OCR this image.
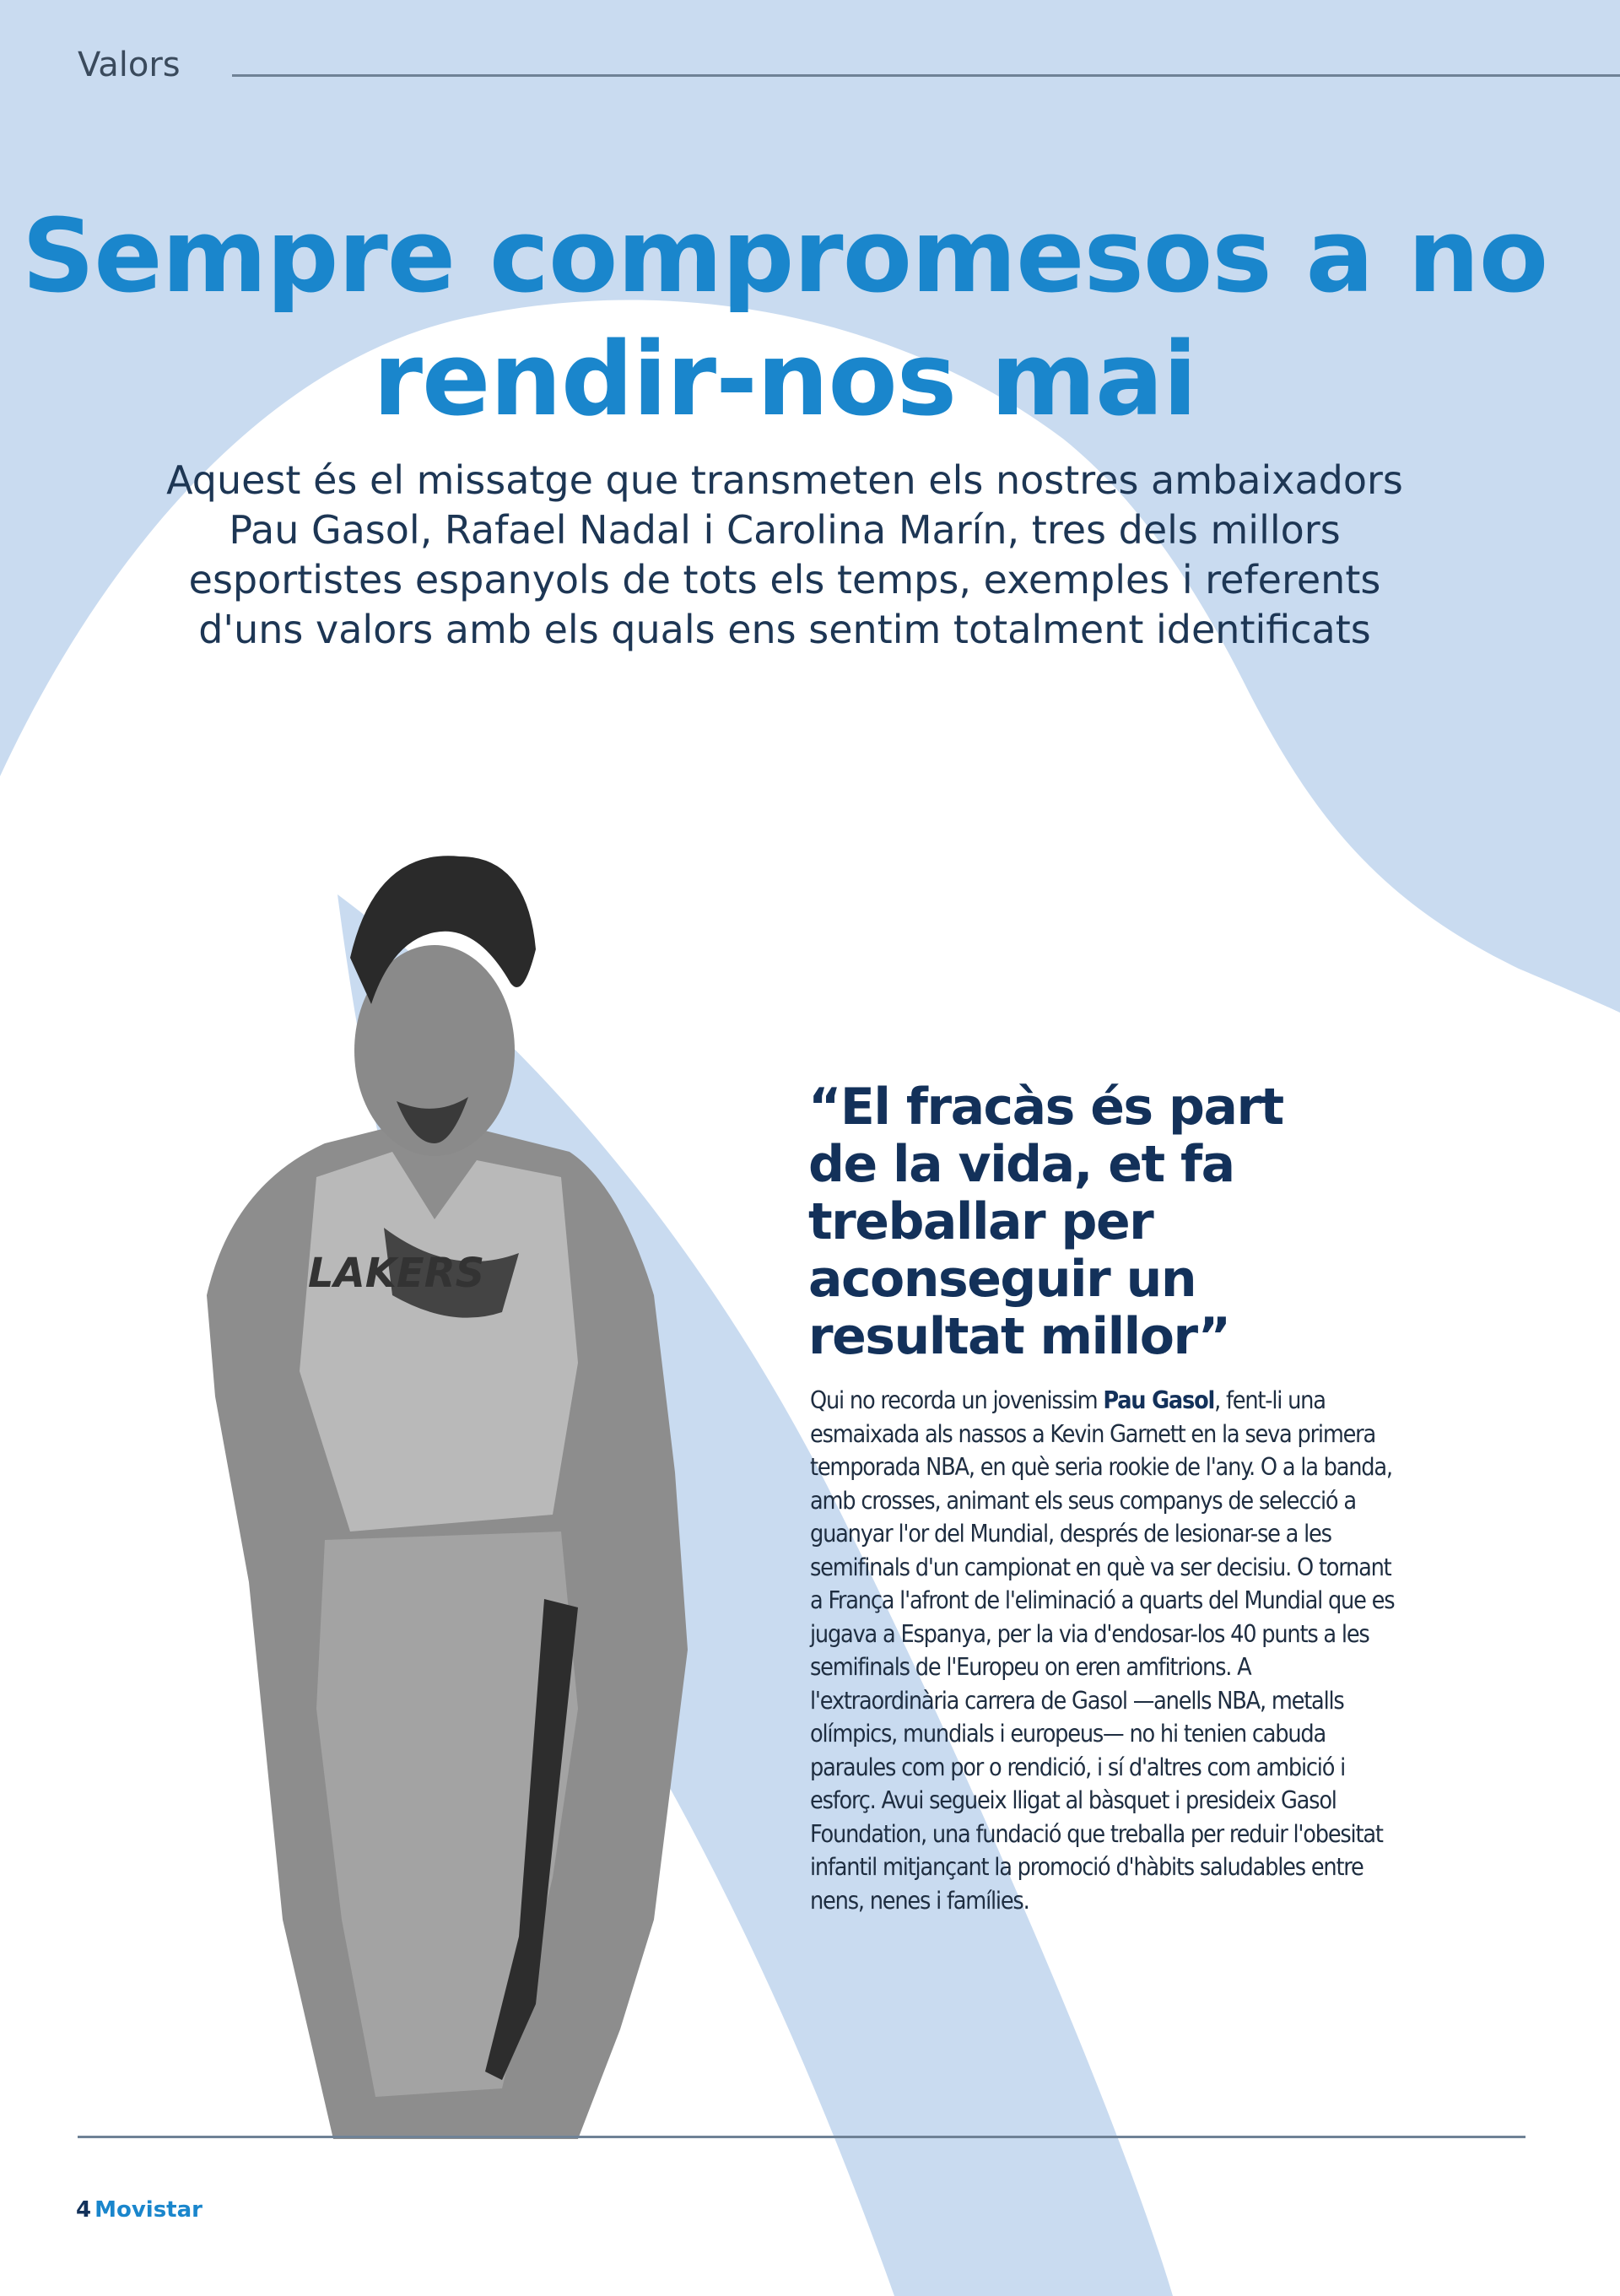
Valors
Sempre compromesos a no rendir-nos mai

Aquest és el missatge que transmeten els nostres ambaixadors Pau Gasol, Rafael Nadal i Carolina Marín, tres dels millors esportistes espanyols de tots els temps, exemples i referents d'uns valors amb els quals ens sentim totalment identificats

LAKERS
“El fracàs és part de la vida, et fa treballar per aconseguir un resultat millor”

Qui no recorda un jovenissim Pau Gasol, fent-li una esmaixada als nassos a Kevin Garnett en la seva primera temporada NBA, en què seria rookie de l'any. O a la banda, amb crosses, animant els seus companys de selecció a guanyar l'or del Mundial, després de lesionar-se a les semifinals d'un campionat en què va ser decisiu. O tornant a França l'afront de l'eliminació a quarts del Mundial que es jugava a Espanya, per la via d'endosar-los 40 punts a les semifinals de l'Europeu on eren amfitrions. A l'extraordinària carrera de Gasol —anells NBA, metalls olímpics, mundials i europeus— no hi tenien cabuda paraules com por o rendició, i sí d'altres com ambició i esforç. Avui segueix lligat al bàsquet i presideix Gasol Foundation, una fundació que treballa per reduir l'obesitat infantil mitjançant la promoció d'hàbits saludables entre nens, nenes i famílies.

4 Movistar
